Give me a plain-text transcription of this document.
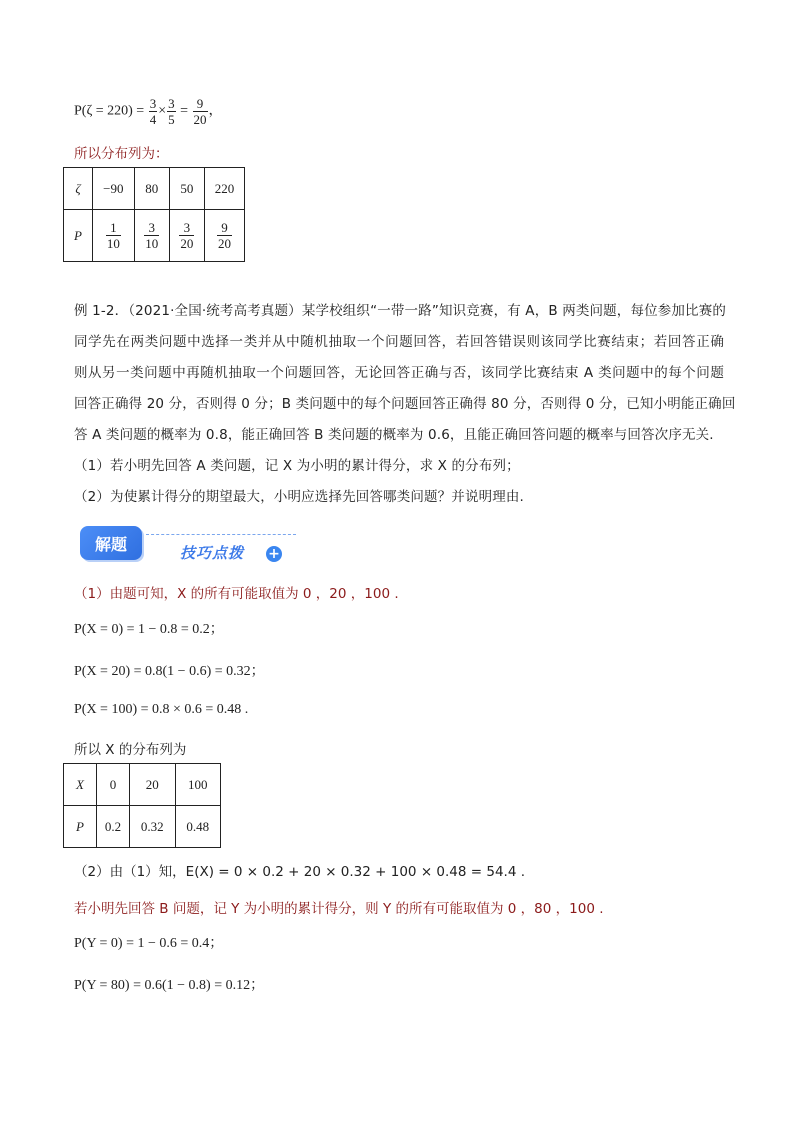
$P(\zeta = 220) = \frac{3}{4} \times \frac{3}{5} = \frac{9}{20}$ ，
所以分布列为：
ζ	−90	80	50	220
P	$\frac{1}{10}$	$\frac{3}{10}$	$\frac{3}{20}$	$\frac{9}{20}$

例 1-2．（2021·全国·统考高考真题）某学校组织“一带一路”知识竞赛，有 A，B 两类问题，每位参加比赛的

同学先在两类问题中选择一类并从中随机抽取一个问题回答，若回答错误则该同学比赛结束；若回答正确

则从另一类问题中再随机抽取一个问题回答，无论回答正确与否，该同学比赛结束 A 类问题中的每个问题

回答正确得 20 分，否则得 0 分；B 类问题中的每个问题回答正确得 80 分，否则得 0 分，已知小明能正确回

答 A 类问题的概率为 0.8，能正确回答 B 类问题的概率为 0.6，且能正确回答问题的概率与回答次序无关.

（1）若小明先回答 A 类问题，记 X 为小明的累计得分，求 X 的分布列；

（2）为使累计得分的期望最大，小明应选择先回答哪类问题？并说明理由.

解题	技巧点拨 +
（1）由题可知，X 的所有可能取值为 0 ，20 ，100 .
P(X = 0) = 1 − 0.8 = 0.2；
P(X = 20) = 0.8(1 − 0.6) = 0.32；
P(X = 100) = 0.8 × 0.6 = 0.48 .
所以 X 的分布列为
X	0	20	100
P	0.2	0.32	0.48
（2）由（1）知，E(X) = 0 × 0.2 + 20 × 0.32 + 100 × 0.48 = 54.4 .
若小明先回答 B 问题，记 Y 为小明的累计得分，则 Y 的所有可能取值为 0 ，80 ，100 .
P(Y = 0) = 1 − 0.6 = 0.4；
P(Y = 80) = 0.6(1 − 0.8) = 0.12；
